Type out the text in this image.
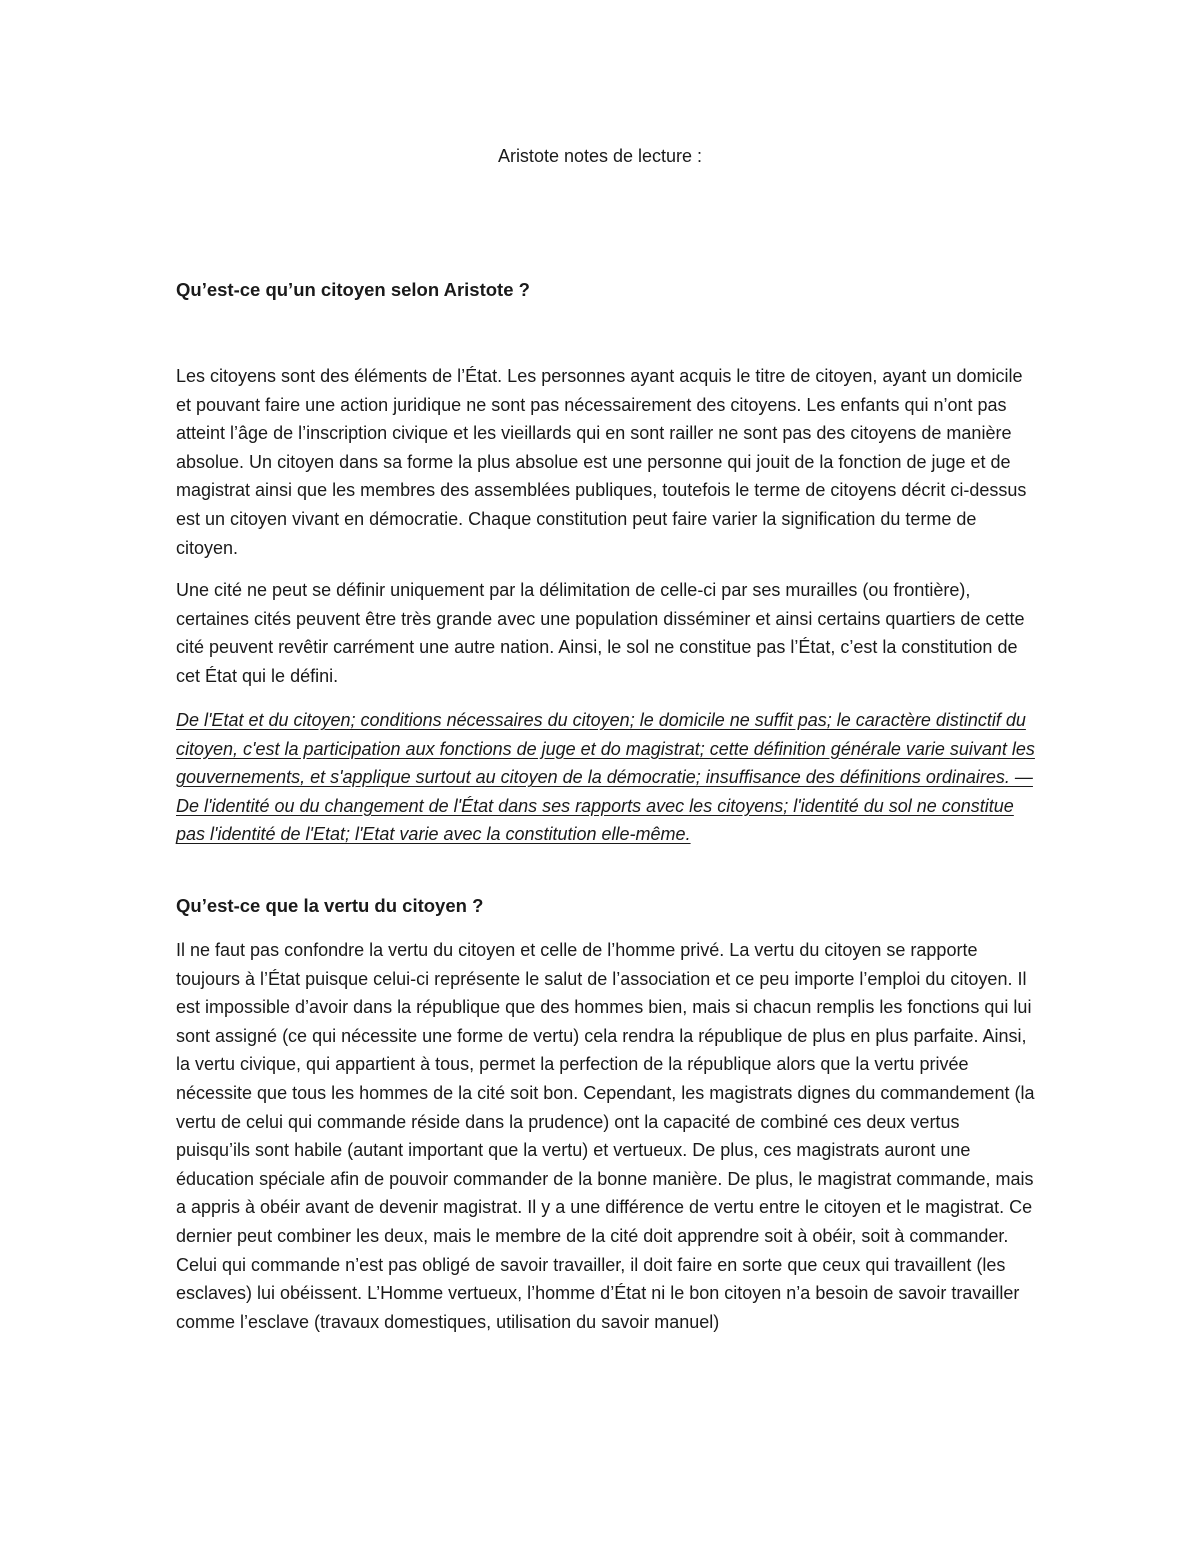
Aristote notes de lecture :
Qu’est-ce qu’un citoyen selon Aristote ?

Les citoyens sont des éléments de l’État. Les personnes ayant acquis le titre de citoyen, ayant un domicile et pouvant faire une action juridique ne sont pas nécessairement des citoyens. Les enfants qui n’ont pas atteint l’âge de l’inscription civique et les vieillards qui en sont railler ne sont pas des citoyens de manière absolue. Un citoyen dans sa forme la plus absolue est une personne qui jouit de la fonction de juge et de magistrat ainsi que les membres des assemblées publiques, toutefois le terme de citoyens décrit ci-dessus est un citoyen vivant en démocratie. Chaque constitution peut faire varier la signification du terme de citoyen.

Une cité ne peut se définir uniquement par la délimitation de celle-ci par ses murailles (ou frontière), certaines cités peuvent être très grande avec une population disséminer et ainsi certains quartiers de cette cité peuvent revêtir carrément une autre nation. Ainsi, le sol ne constitue pas l’État, c’est la constitution de cet État qui le défini.

De l'Etat et du citoyen; conditions nécessaires du citoyen; le domicile ne suffit pas; le caractère distinctif du citoyen, c'est la participation aux fonctions de juge et do magistrat; cette définition générale varie suivant les gouvernements, et s'applique surtout au citoyen de la démocratie; insuffisance des définitions ordinaires. — De l'identité ou du changement de l'État dans ses rapports avec les citoyens; l'identité du sol ne constitue pas l'identité de l'Etat; l'Etat varie avec la constitution elle-même.

Qu’est-ce que la vertu du citoyen ?

Il ne faut pas confondre la vertu du citoyen et celle de l’homme privé. La vertu du citoyen se rapporte toujours à l’État puisque celui-ci représente le salut de l’association et ce peu importe l’emploi du citoyen. Il est impossible d’avoir dans la république que des hommes bien, mais si chacun remplis les fonctions qui lui sont assigné (ce qui nécessite une forme de vertu) cela rendra la république de plus en plus parfaite. Ainsi, la vertu civique, qui appartient à tous, permet la perfection de la république alors que la vertu privée nécessite que tous les hommes de la cité soit bon. Cependant, les magistrats dignes du commandement (la vertu de celui qui commande réside dans la prudence) ont la capacité de combiné ces deux vertus puisqu’ils sont habile (autant important que la vertu) et vertueux. De plus, ces magistrats auront une éducation spéciale afin de pouvoir commander de la bonne manière. De plus, le magistrat commande, mais a appris à obéir avant de devenir magistrat. Il y a une différence de vertu entre le citoyen et le magistrat. Ce dernier peut combiner les deux, mais le membre de la cité doit apprendre soit à obéir, soit à commander. Celui qui commande n’est pas obligé de savoir travailler, il doit faire en sorte que ceux qui travaillent (les esclaves) lui obéissent. L’Homme vertueux, l’homme d’État ni le bon citoyen n’a besoin de savoir travailler comme l’esclave (travaux domestiques, utilisation du savoir manuel)
